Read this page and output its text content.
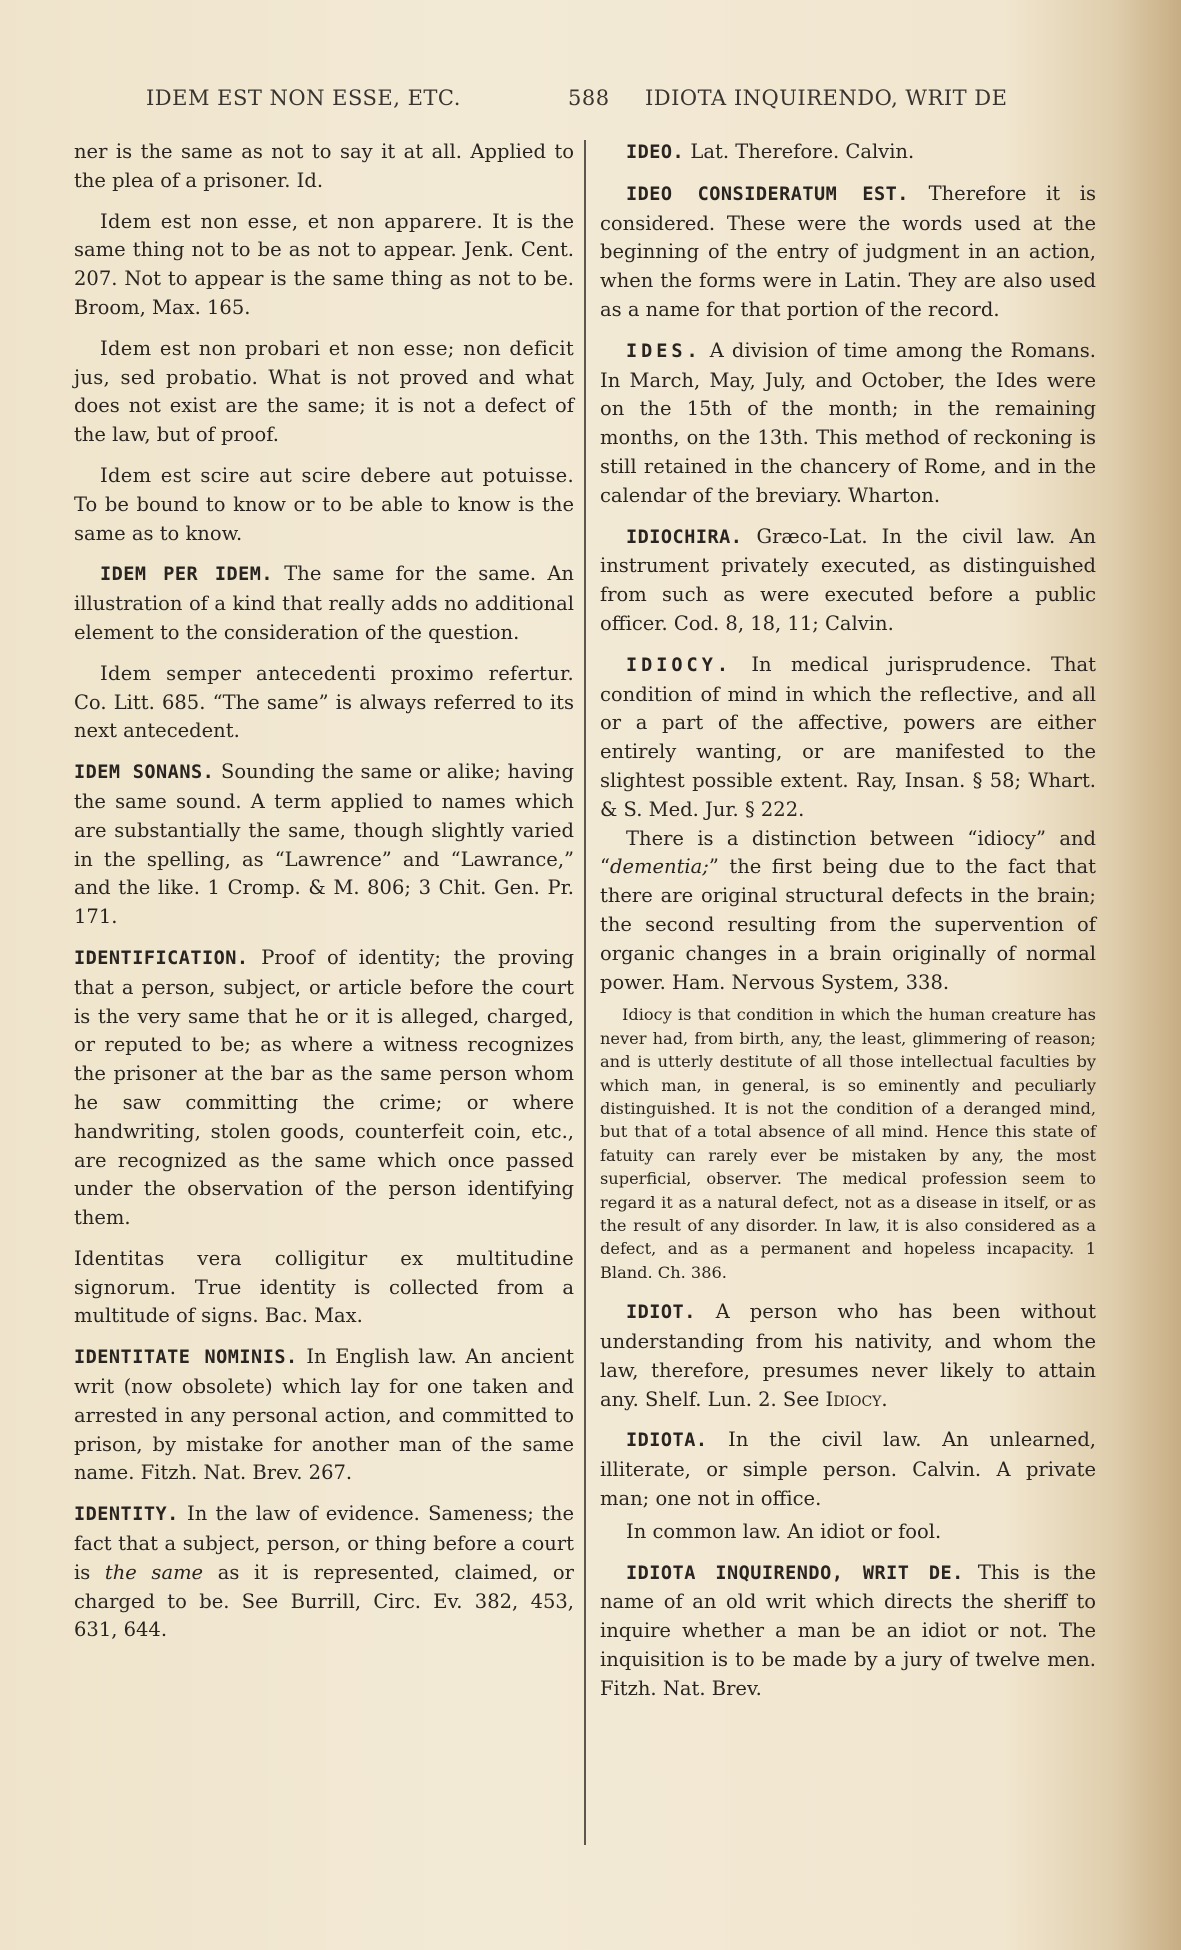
IDEM EST NON ESSE, ETC.	588 IDIOTA INQUIRENDO, WRIT DE

ner is the same as not to say it at all. Applied to the plea of a prisoner. Id.

Idem est non esse, et non apparere. It is the same thing not to be as not to appear. Jenk. Cent. 207. Not to appear is the same thing as not to be. Broom, Max. 165.

Idem est non probari et non esse; non deficit jus, sed probatio. What is not proved and what does not exist are the same; it is not a defect of the law, but of proof.

Idem est scire aut scire debere aut potuisse. To be bound to know or to be able to know is the same as to know.

IDEM PER IDEM. The same for the same. An illustration of a kind that really adds no additional element to the consideration of the question.

Idem semper antecedenti proximo refertur. Co. Litt. 685. “The same” is always referred to its next antecedent.

IDEM SONANS. Sounding the same or alike; having the same sound. A term applied to names which are substantially the same, though slightly varied in the spelling, as “Lawrence” and “Lawrance,” and the like. 1 Cromp. & M. 806; 3 Chit. Gen. Pr. 171.

IDENTIFICATION. Proof of identity; the proving that a person, subject, or article before the court is the very same that he or it is alleged, charged, or reputed to be; as where a witness recognizes the prisoner at the bar as the same person whom he saw committing the crime; or where handwriting, stolen goods, counterfeit coin, etc., are recognized as the same which once passed under the observation of the person identifying them.

Identitas vera colligitur ex multitudine signorum. True identity is collected from a multitude of signs. Bac. Max.

IDENTITATE NOMINIS. In English law. An ancient writ (now obsolete) which lay for one taken and arrested in any personal action, and committed to prison, by mistake for another man of the same name. Fitzh. Nat. Brev. 267.

IDENTITY. In the law of evidence. Sameness; the fact that a subject, person, or thing before a court is the same as it is represented, claimed, or charged to be. See Burrill, Circ. Ev. 382, 453, 631, 644.

IDEO. Lat. Therefore. Calvin.

IDEO CONSIDERATUM EST. Therefore it is considered. These were the words used at the beginning of the entry of judgment in an action, when the forms were in Latin. They are also used as a name for that portion of the record.

IDES. A division of time among the Romans. In March, May, July, and October, the Ides were on the 15th of the month; in the remaining months, on the 13th. This method of reckoning is still retained in the chancery of Rome, and in the calendar of the breviary. Wharton.

IDIOCHIRA. Græco-Lat. In the civil law. An instrument privately executed, as distinguished from such as were executed before a public officer. Cod. 8, 18, 11; Calvin.

IDIOCY. In medical jurisprudence. That condition of mind in which the reflective, and all or a part of the affective, powers are either entirely wanting, or are manifested to the slightest possible extent. Ray, Insan. § 58; Whart. & S. Med. Jur. § 222.

There is a distinction between “idiocy” and “dementia;” the first being due to the fact that there are original structural defects in the brain; the second resulting from the supervention of organic changes in a brain originally of normal power. Ham. Nervous System, 338.

Idiocy is that condition in which the human creature has never had, from birth, any, the least, glimmering of reason; and is utterly destitute of all those intellectual faculties by which man, in general, is so eminently and peculiarly distinguished. It is not the condition of a deranged mind, but that of a total absence of all mind. Hence this state of fatuity can rarely ever be mistaken by any, the most superficial, observer. The medical profession seem to regard it as a natural defect, not as a disease in itself, or as the result of any disorder. In law, it is also considered as a defect, and as a permanent and hopeless incapacity. 1 Bland. Ch. 386.

IDIOT. A person who has been without understanding from his nativity, and whom the law, therefore, presumes never likely to attain any. Shelf. Lun. 2. See Idiocy.

IDIOTA. In the civil law. An unlearned, illiterate, or simple person. Calvin. A private man; one not in office.

In common law. An idiot or fool.

IDIOTA INQUIRENDO, WRIT DE. This is the name of an old writ which directs the sheriff to inquire whether a man be an idiot or not. The inquisition is to be made by a jury of twelve men. Fitzh. Nat. Brev.
